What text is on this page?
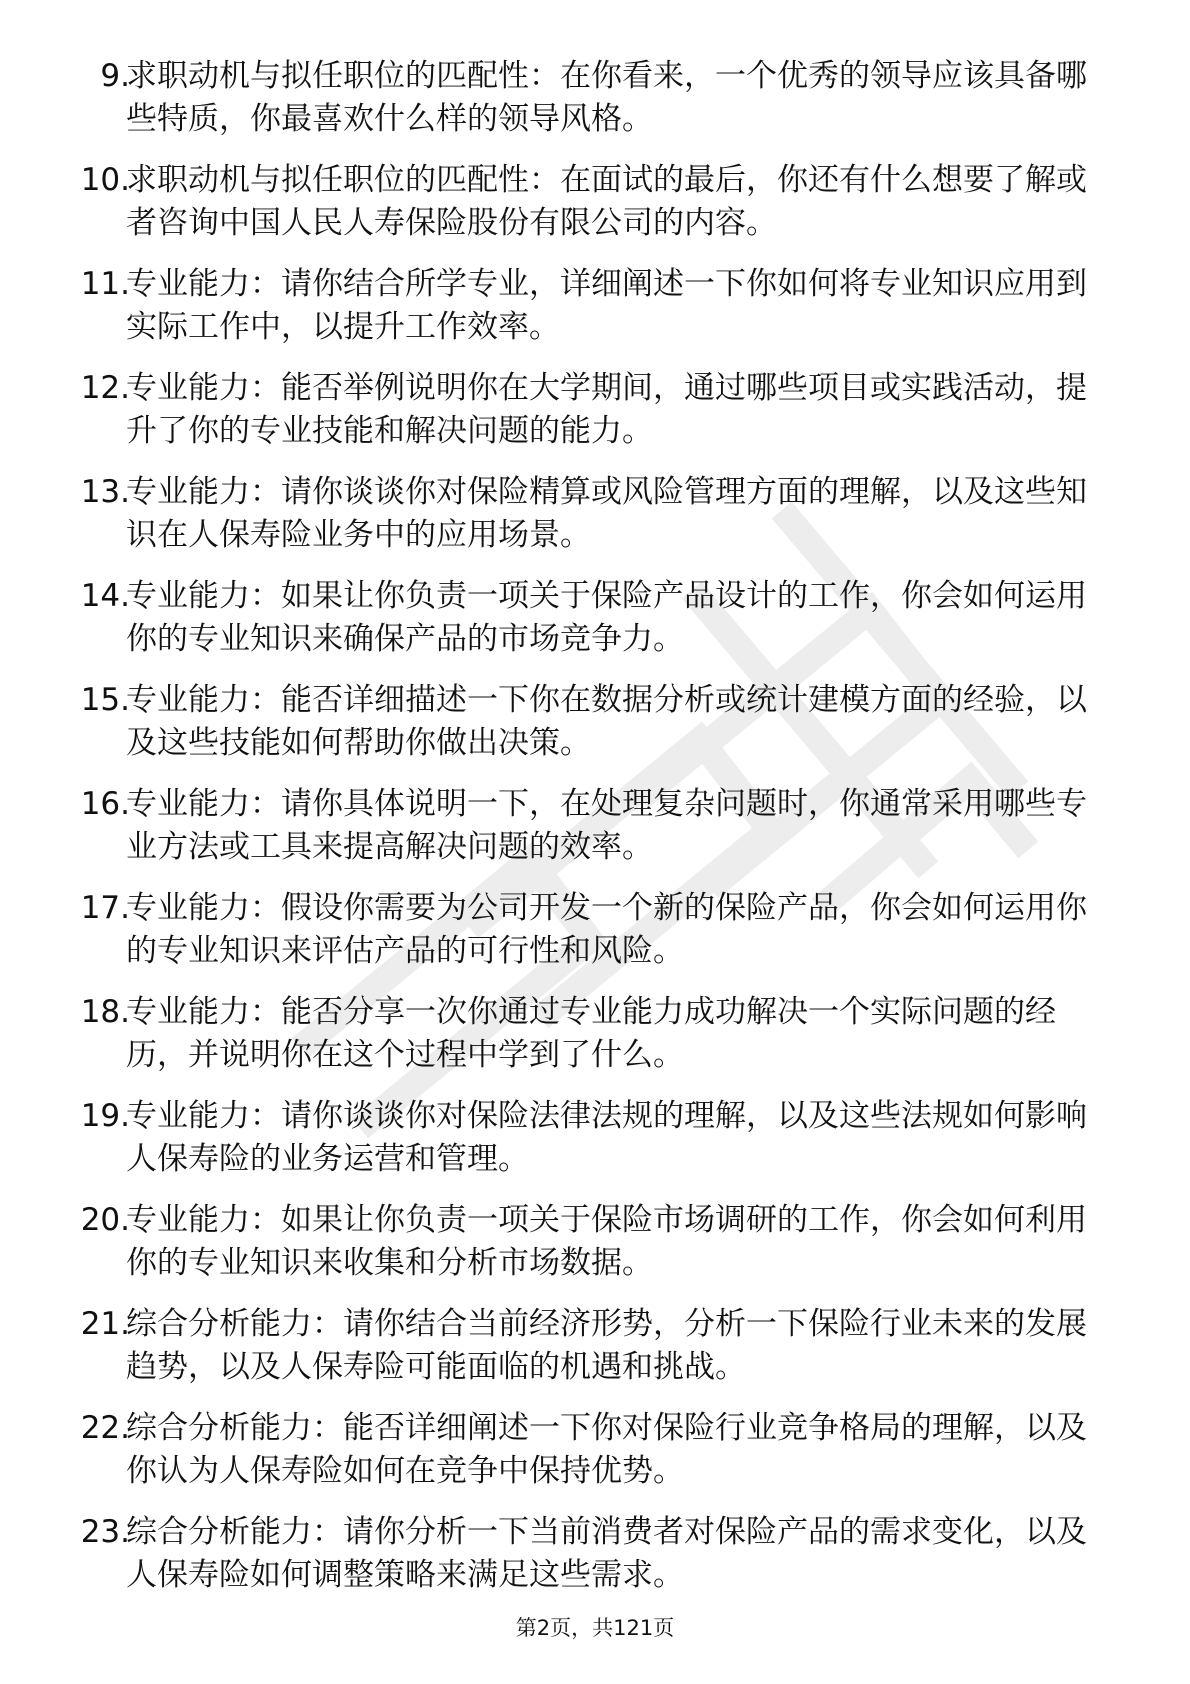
9.

求职动机与拟任职位的匹配性：在你看来，一个优秀的领导应该具备哪些特质，你最喜欢什么样的领导风格。

10.

求职动机与拟任职位的匹配性：在面试的最后，你还有什么想要了解或者咨询中国人民人寿保险股份有限公司的内容。

11.

专业能力：请你结合所学专业，详细阐述一下你如何将专业知识应用到实际工作中，以提升工作效率。

12.

专业能力：能否举例说明你在大学期间，通过哪些项目或实践活动，提升了你的专业技能和解决问题的能力。

13.

专业能力：请你谈谈你对保险精算或风险管理方面的理解，以及这些知识在人保寿险业务中的应用场景。

14.

专业能力：如果让你负责一项关于保险产品设计的工作，你会如何运用你的专业知识来确保产品的市场竞争力。

15.

专业能力：能否详细描述一下你在数据分析或统计建模方面的经验，以及这些技能如何帮助你做出决策。

16.

专业能力：请你具体说明一下，在处理复杂问题时，你通常采用哪些专业方法或工具来提高解决问题的效率。

17.

专业能力：假设你需要为公司开发一个新的保险产品，你会如何运用你的专业知识来评估产品的可行性和风险。

18.

专业能力：能否分享一次你通过专业能力成功解决一个实际问题的经历，并说明你在这个过程中学到了什么。

19.

专业能力：请你谈谈你对保险法律法规的理解，以及这些法规如何影响人保寿险的业务运营和管理。

20.

专业能力：如果让你负责一项关于保险市场调研的工作，你会如何利用你的专业知识来收集和分析市场数据。

21.

综合分析能力：请你结合当前经济形势，分析一下保险行业未来的发展趋势，以及人保寿险可能面临的机遇和挑战。

22.

综合分析能力：能否详细阐述一下你对保险行业竞争格局的理解，以及你认为人保寿险如何在竞争中保持优势。

23.

综合分析能力：请你分析一下当前消费者对保险产品的需求变化，以及人保寿险如何调整策略来满足这些需求。

第2页，共121页
